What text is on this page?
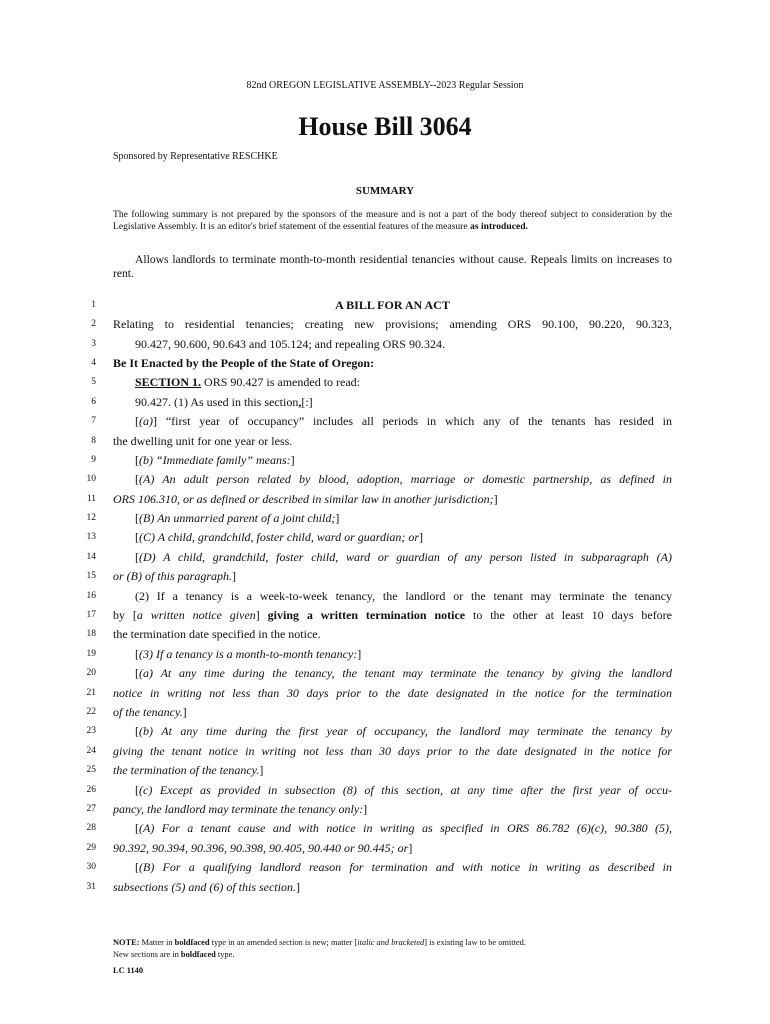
82nd OREGON LEGISLATIVE ASSEMBLY--2023 Regular Session
House Bill 3064
Sponsored by Representative RESCHKE
SUMMARY
The following summary is not prepared by the sponsors of the measure and is not a part of the body thereof subject to consideration by the Legislative Assembly. It is an editor's brief statement of the essential features of the measure as introduced.
Allows landlords to terminate month-to-month residential tenancies without cause. Repeals limits on increases to rent.
1
2
3
4
5
6
7
8
9
10
11
12
13
14
15
16
17
18
19
20
21
22
23
24
25
26
27
28
29
30
31
A BILL FOR AN ACT
Relating to residential tenancies; creating new provisions; amending ORS 90.100, 90.220, 90.323,
90.427, 90.600, 90.643 and 105.124; and repealing ORS 90.324.
Be It Enacted by the People of the State of Oregon:
SECTION 1. ORS 90.427 is amended to read:
90.427. (1) As used in this section,[:]
[(a)] “first year of occupancy” includes all periods in which any of the tenants has resided in
the dwelling unit for one year or less.
[(b) “Immediate family” means:]
[(A) An adult person related by blood, adoption, marriage or domestic partnership, as defined in
ORS 106.310, or as defined or described in similar law in another jurisdiction;]
[(B) An unmarried parent of a joint child;]
[(C) A child, grandchild, foster child, ward or guardian; or]
[(D) A child, grandchild, foster child, ward or guardian of any person listed in subparagraph (A)
or (B) of this paragraph.]
(2) If a tenancy is a week-to-week tenancy, the landlord or the tenant may terminate the tenancy
by [a written notice given] giving a written termination notice to the other at least 10 days before
the termination date specified in the notice.
[(3) If a tenancy is a month-to-month tenancy:]
[(a) At any time during the tenancy, the tenant may terminate the tenancy by giving the landlord
notice in writing not less than 30 days prior to the date designated in the notice for the termination
of the tenancy.]
[(b) At any time during the first year of occupancy, the landlord may terminate the tenancy by
giving the tenant notice in writing not less than 30 days prior to the date designated in the notice for
the termination of the tenancy.]
[(c) Except as provided in subsection (8) of this section, at any time after the first year of occu-
pancy, the landlord may terminate the tenancy only:]
[(A) For a tenant cause and with notice in writing as specified in ORS 86.782 (6)(c), 90.380 (5),
90.392, 90.394, 90.396, 90.398, 90.405, 90.440 or 90.445; or]
[(B) For a qualifying landlord reason for termination and with notice in writing as described in
subsections (5) and (6) of this section.]
NOTE: Matter in boldfaced type in an amended section is new; matter [italic and bracketed] is existing law to be omitted.
New sections are in boldfaced type.
LC 1140
